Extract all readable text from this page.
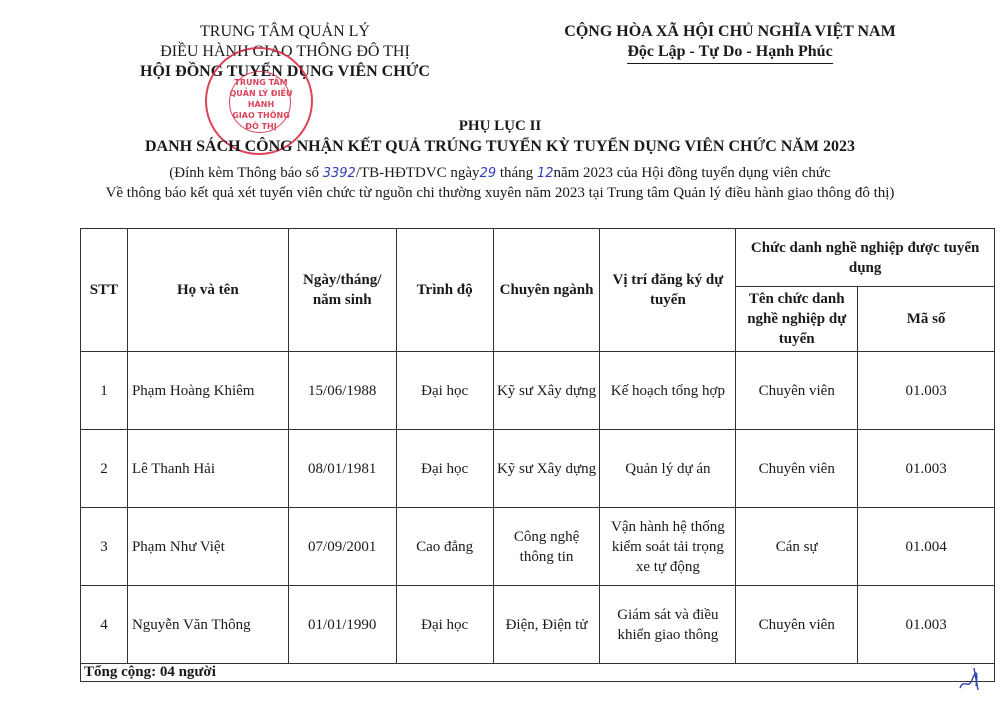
TRUNG TÂM QUẢN LÝ
ĐIỀU HÀNH GIAO THÔNG ĐÔ THỊ
HỘI ĐỒNG TUYỂN DỤNG VIÊN CHỨC
TRUNG TÂM
QUẢN LÝ ĐIỀU HÀNH
GIAO THÔNG
ĐÔ THỊ
CỘNG HÒA XÃ HỘI CHỦ NGHĨA VIỆT NAM
Độc Lập - Tự Do - Hạnh Phúc
PHỤ LỤC II
DANH SÁCH CÔNG NHẬN KẾT QUẢ TRÚNG TUYỂN KỲ TUYỂN DỤNG VIÊN CHỨC NĂM 2023
(Đính kèm Thông báo số 3392/TB-HĐTDVC ngày29 tháng 12năm 2023 của Hội đồng tuyển dụng viên chức
Về thông báo kết quả xét tuyển viên chức từ nguồn chi thường xuyên năm 2023 tại Trung tâm Quản lý điều hành giao thông đô thị)
STT	Họ và tên	Ngày/tháng/ năm sinh	Trình độ	Chuyên ngành	Vị trí đăng ký dự tuyển	Chức danh nghề nghiệp được tuyển dụng	
						Tên chức danh nghề nghiệp dự tuyển	Mã số
1	Phạm Hoàng Khiêm	15/06/1988	Đại học	Kỹ sư Xây dựng	Kế hoạch tổng hợp	Chuyên viên	01.003
2	Lê Thanh Hải	08/01/1981	Đại học	Kỹ sư Xây dựng	Quản lý dự án	Chuyên viên	01.003
3	Phạm Như Việt	07/09/2001	Cao đẳng	Công nghệ thông tin	Vận hành hệ thống kiểm soát tải trọng xe tự động	Cán sự	01.004
4	Nguyễn Văn Thông	01/01/1990	Đại học	Điện, Điện tử	Giám sát và điều khiển giao thông	Chuyên viên	01.003
Tổng cộng: 04 người
